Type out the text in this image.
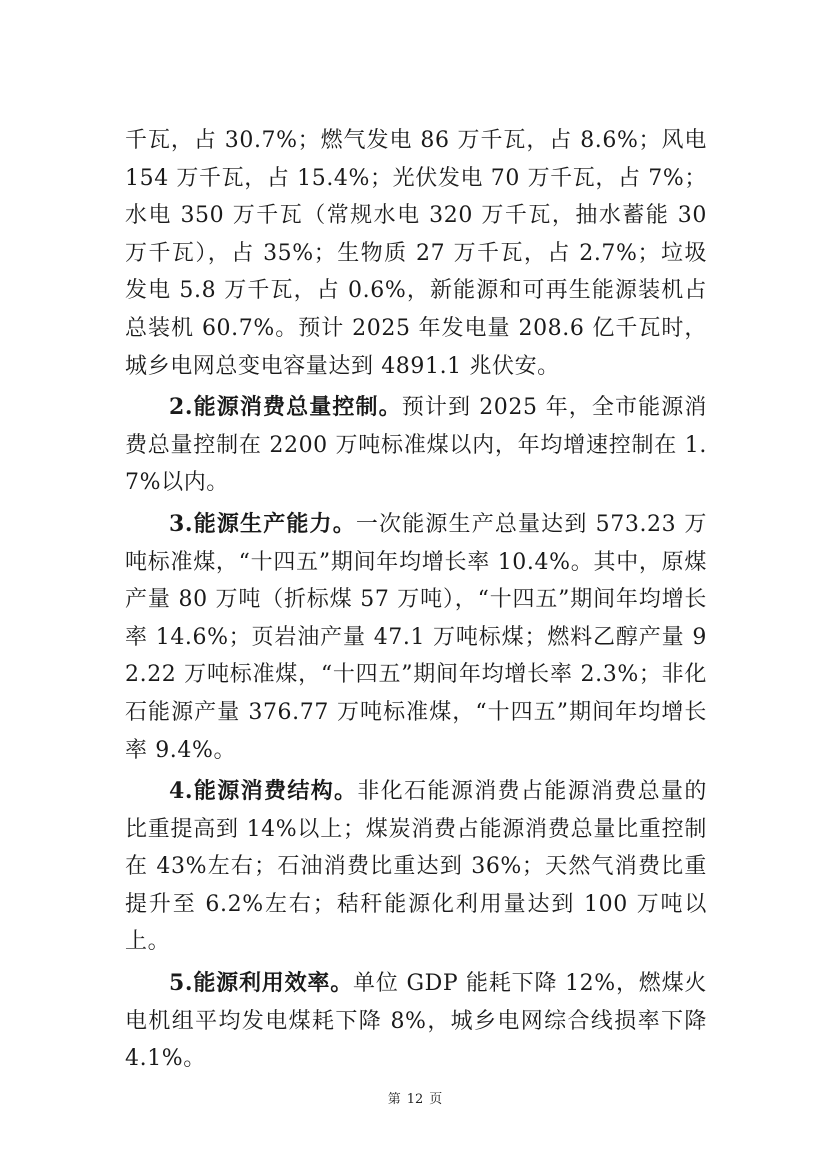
千瓦，占 30.7%；燃气发电 86 万千瓦，占 8.6%；风电 154 万千瓦，占 15.4%；光伏发电 70 万千瓦，占 7%；水电 350 万千瓦（常规水电 320 万千瓦，抽水蓄能 30 万千瓦），占 35%；生物质 27 万千瓦，占 2.7%；垃圾发电 5.8 万千瓦，占 0.6%，新能源和可再生能源装机占总装机 60.7%。预计 2025 年发电量 208.6 亿千瓦时，城乡电网总变电容量达到 4891.1 兆伏安。

2.能源消费总量控制。预计到 2025 年，全市能源消费总量控制在 2200 万吨标准煤以内，年均增速控制在 1.7%以内。

3.能源生产能力。一次能源生产总量达到 573.23 万吨标准煤，“十四五”期间年均增长率 10.4%。其中，原煤产量 80 万吨（折标煤 57 万吨），“十四五”期间年均增长率 14.6%；页岩油产量 47.1 万吨标煤；燃料乙醇产量 92.22 万吨标准煤，“十四五”期间年均增长率 2.3%；非化石能源产量 376.77 万吨标准煤，“十四五”期间年均增长率 9.4%。

4.能源消费结构。非化石能源消费占能源消费总量的比重提高到 14%以上；煤炭消费占能源消费总量比重控制在 43%左右；石油消费比重达到 36%；天然气消费比重提升至 6.2%左右；秸秆能源化利用量达到 100 万吨以上。

5.能源利用效率。单位 GDP 能耗下降 12%，燃煤火电机组平均发电煤耗下降 8%，城乡电网综合线损率下降 4.1%。

第 12 页
